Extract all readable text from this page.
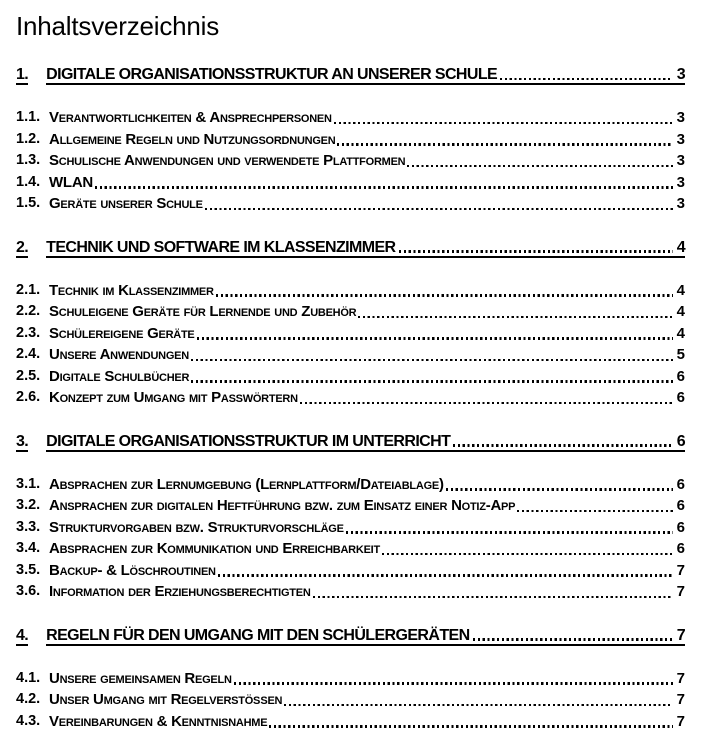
Inhaltsverzeichnis
1. DIGITALE ORGANISATIONSSTRUKTUR AN UNSERER SCHULE	3
1.1. Verantwortlichkeiten & Ansprechpersonen	3
1.2. Allgemeine Regeln und Nutzungsordnungen	3
1.3. Schulische Anwendungen und verwendete Plattformen	3
1.4. WLAN	3
1.5. Geräte unserer Schule	3
2. TECHNIK UND SOFTWARE IM KLASSENZIMMER	4
2.1. Technik im Klassenzimmer	4
2.2. Schuleigene Geräte für Lernende und Zubehör	4
2.3. Schülereigene Geräte	4
2.4. Unsere Anwendungen	5
2.5. Digitale Schulbücher	6
2.6. Konzept zum Umgang mit Passwörtern	6
3. DIGITALE ORGANISATIONSSTRUKTUR IM UNTERRICHT	6
3.1. Absprachen zur Lernumgebung (Lernplattform/Dateiablage)	6
3.2. Ansprachen zur digitalen Heftführung bzw. zum Einsatz einer Notiz-App	6
3.3. Strukturvorgaben bzw. Strukturvorschläge	6
3.4. Absprachen zur Kommunikation und Erreichbarkeit	6
3.5. Backup- & Löschroutinen	7
3.6. Information der Erziehungsberechtigten	7
4. REGELN FÜR DEN UMGANG MIT DEN SCHÜLERGERÄTEN	7
4.1. Unsere gemeinsamen Regeln	7
4.2. Unser Umgang mit Regelverstößen	7
4.3. Vereinbarungen & Kenntnisnahme	7
